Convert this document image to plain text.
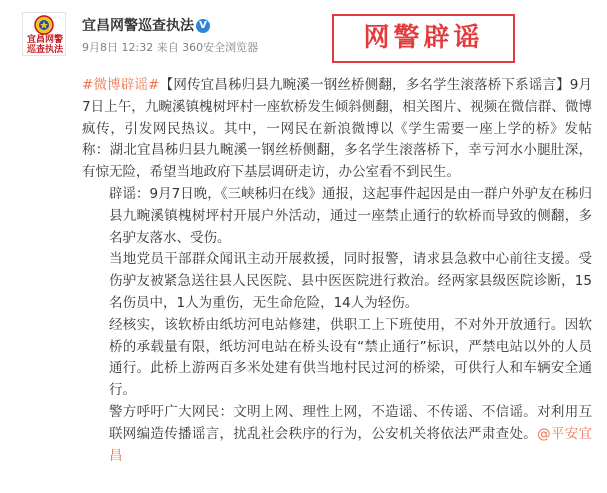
宜昌网警
巡查执法
宜昌网警巡查执法 V
9月8日 12:32 来自 360安全浏览器	网警辟谣

#微博辟谣#【网传宜昌秭归县九畹溪一钢丝桥侧翻，多名学生滚落桥下系谣言】9月7日上午，九畹溪镇槐树坪村一座软桥发生倾斜侧翻，相关图片、视频在微信群、微博疯传，引发网民热议。其中，一网民在新浪微博以《学生需要一座上学的桥》发帖称：湖北宜昌秭归县九畹溪一钢丝桥侧翻，多名学生滚落桥下，幸亏河水小腿肚深，有惊无险，希望当地政府下基层调研走访，办公室看不到民生。

辟谣：9月7日晚，《三峡秭归在线》通报，这起事件起因是由一群户外驴友在秭归县九畹溪镇槐树坪村开展户外活动，通过一座禁止通行的软桥而导致的侧翻，多名驴友落水、受伤。

当地党员干部群众闻讯主动开展救援，同时报警，请求县急救中心前往支援。受伤驴友被紧急送往县人民医院、县中医医院进行救治。经两家县级医院诊断，15名伤员中，1人为重伤，无生命危险，14人为轻伤。

经核实，该软桥由纸坊河电站修建，供职工上下班使用，不对外开放通行。因软桥的承载量有限，纸坊河电站在桥头设有“禁止通行”标识，严禁电站以外的人员通行。此桥上游两百多米处建有供当地村民过河的桥梁，可供行人和车辆安全通行。

警方呼吁广大网民：文明上网、理性上网，不造谣、不传谣、不信谣。对利用互联网编造传播谣言，扰乱社会秩序的行为，公安机关将依法严肃查处。@平安宜昌
